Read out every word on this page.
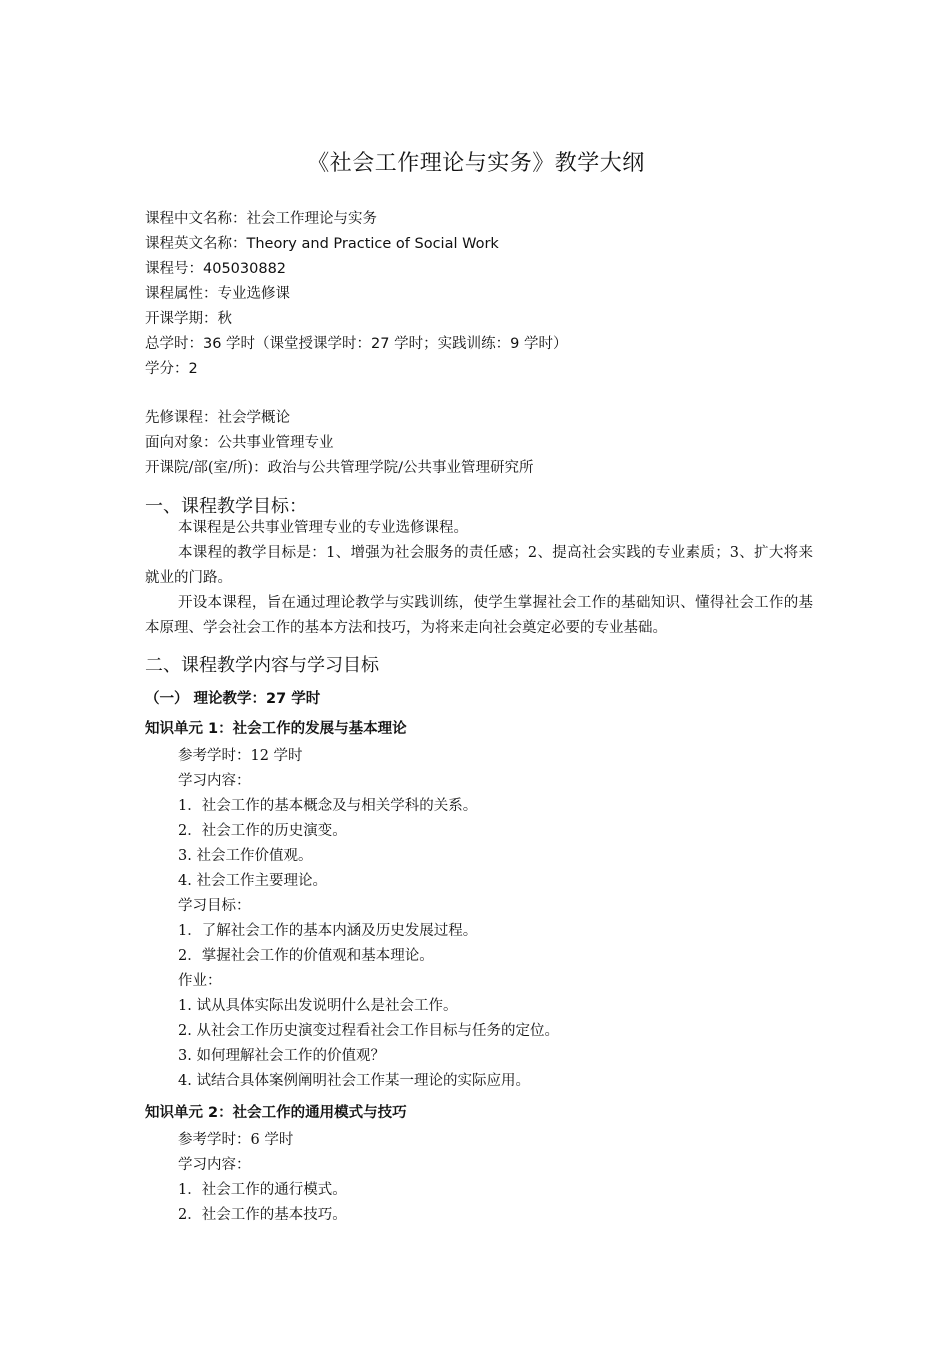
《社会工作理论与实务》教学大纲
课程中文名称：社会工作理论与实务
课程英文名称：Theory and Practice of Social Work
课程号：405030882
课程属性：专业选修课
开课学期：秋
总学时：36 学时（课堂授课学时：27 学时；实践训练：9 学时）
学分：2
先修课程：社会学概论
面向对象：公共事业管理专业
开课院/部(室/所)：政治与公共管理学院/公共事业管理研究所
一、课程教学目标：

本课程是公共事业管理专业的专业选修课程。

本课程的教学目标是：1、增强为社会服务的责任感；2、提高社会实践的专业素质；3、扩大将来就业的门路。

开设本课程，旨在通过理论教学与实践训练，使学生掌握社会工作的基础知识、懂得社会工作的基本原理、学会社会工作的基本方法和技巧，为将来走向社会奠定必要的专业基础。

二、课程教学内容与学习目标
（一） 理论教学：27 学时
知识单元 1：社会工作的发展与基本理论
参考学时：12 学时
学习内容：
1．社会工作的基本概念及与相关学科的关系。
2．社会工作的历史演变。
3. 社会工作价值观。
4. 社会工作主要理论。
学习目标：
1．了解社会工作的基本内涵及历史发展过程。
2．掌握社会工作的价值观和基本理论。
作业：
1. 试从具体实际出发说明什么是社会工作。
2. 从社会工作历史演变过程看社会工作目标与任务的定位。
3. 如何理解社会工作的价值观？
4. 试结合具体案例阐明社会工作某一理论的实际应用。
知识单元 2：社会工作的通用模式与技巧
参考学时：6 学时
学习内容：
1．社会工作的通行模式。
2．社会工作的基本技巧。
